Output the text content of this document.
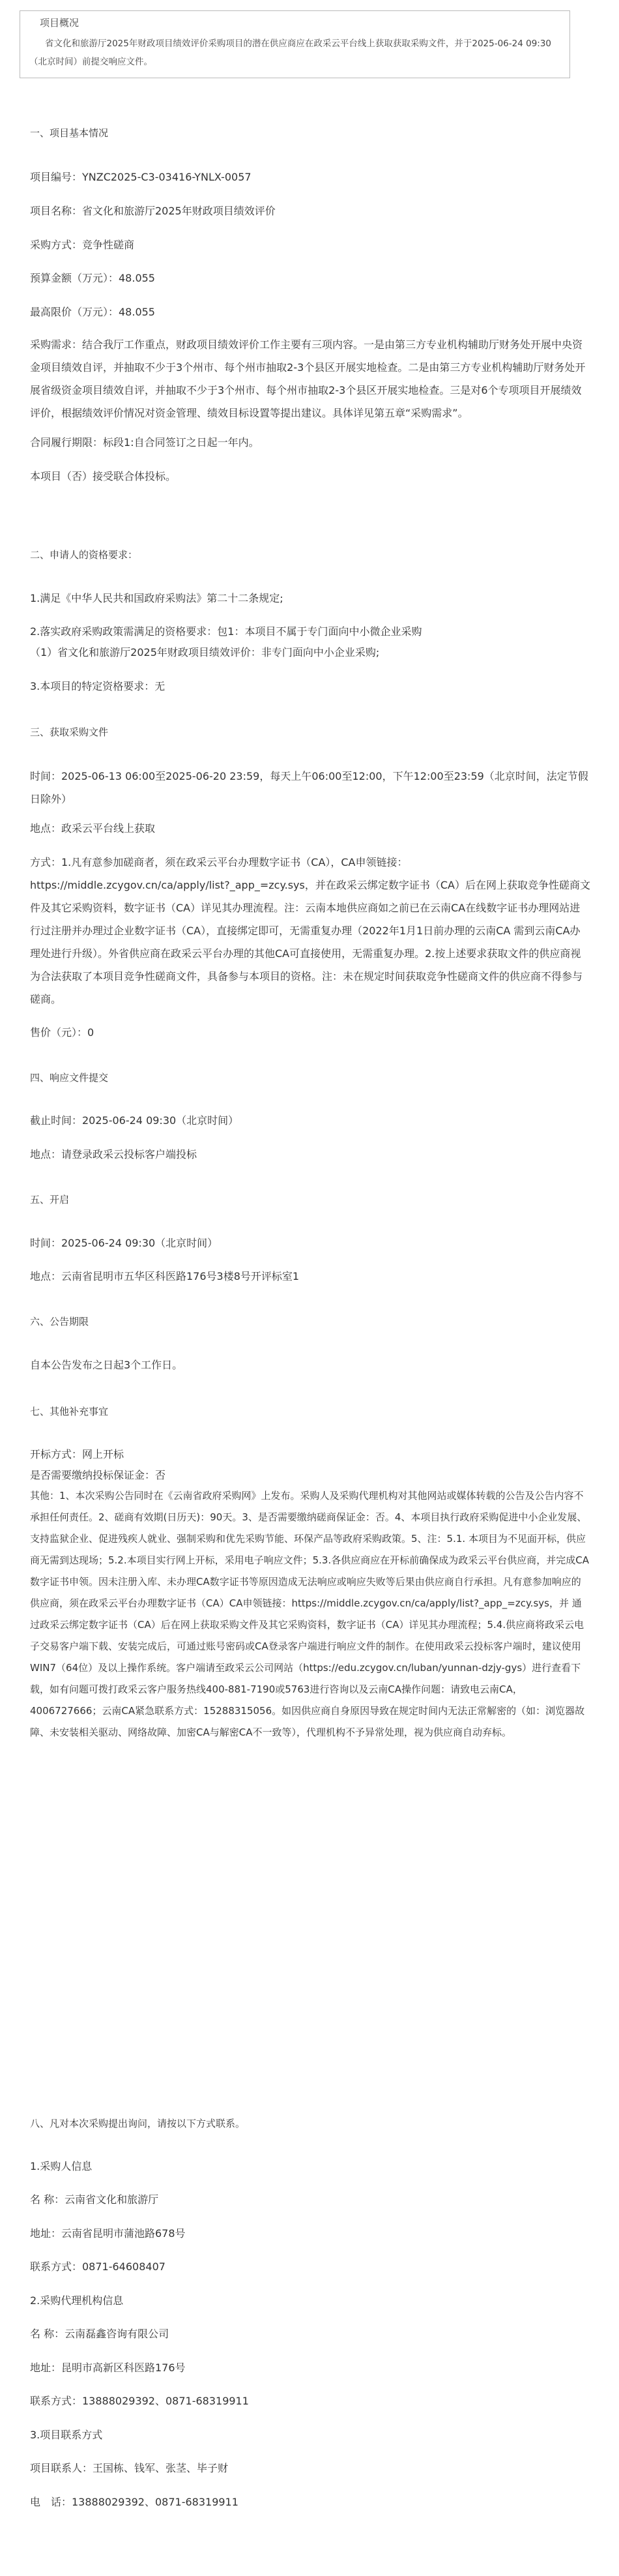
项目概况
省文化和旅游厅2025年财政项目绩效评价采购项目的潜在供应商应在政采云平台线上获取获取采购文件，并于2025-06-24 09:30（北京时间）前提交响应文件。
一、项目基本情况
项目编号：YNZC2025-C3-03416-YNLX-0057
项目名称：省文化和旅游厅2025年财政项目绩效评价
采购方式：竞争性磋商
预算金额（万元）：48.055
最高限价（万元）：48.055
采购需求：结合我厅工作重点，财政项目绩效评价工作主要有三项内容。一是由第三方专业机构辅助厅财务处开展中央资金项目绩效自评，并抽取不少于3个州市、每个州市抽取2-3个县区开展实地检查。二是由第三方专业机构辅助厅财务处开展省级资金项目绩效自评，并抽取不少于3个州市、每个州市抽取2-3个县区开展实地检查。三是对6个专项项目开展绩效评价，根据绩效评价情况对资金管理、绩效目标设置等提出建议。具体详见第五章“采购需求”。
合同履行期限：标段1:自合同签订之日起一年内。
本项目（否）接受联合体投标。
二、申请人的资格要求：
1.满足《中华人民共和国政府采购法》第二十二条规定;
2.落实政府采购政策需满足的资格要求：包1：本项目不属于专门面向中小微企业采购
（1）省文化和旅游厅2025年财政项目绩效评价：非专门面向中小企业采购;
3.本项目的特定资格要求：无
三、获取采购文件
时间：2025-06-13 06:00至2025-06-20 23:59，每天上午06:00至12:00，下午12:00至23:59（北京时间，法定节假日除外）
地点：政采云平台线上获取
方式：1.凡有意参加磋商者，须在政采云平台办理数字证书（CA），CA申领链接：https://middle.zcygov.cn/ca/apply/list?_app_=zcy.sys，并在政采云绑定数字证书（CA）后在网上获取竞争性磋商文件及其它采购资料，数字证书（CA）详见其办理流程。注：云南本地供应商如之前已在云南CA在线数字证书办理网站进行过注册并办理过企业数字证书（CA），直接绑定即可，无需重复办理（2022年1月1日前办理的云南CA 需到云南CA办理处进行升级）。外省供应商在政采云平台办理的其他CA可直接使用，无需重复办理。2.按上述要求获取文件的供应商视为合法获取了本项目竞争性磋商文件，具备参与本项目的资格。注：未在规定时间获取竞争性磋商文件的供应商不得参与磋商。
售价（元）：0
四、响应文件提交
截止时间：2025-06-24 09:30（北京时间）
地点：请登录政采云投标客户端投标
五、开启
时间：2025-06-24 09:30（北京时间）
地点：云南省昆明市五华区科医路176号3楼8号开评标室1
六、公告期限
自本公告发布之日起3个工作日。
七、其他补充事宜
开标方式：网上开标
是否需要缴纳投标保证金：否
其他：1、本次采购公告同时在《云南省政府采购网》上发布。采购人及采购代理机构对其他网站或媒体转载的公告及公告内容不承担任何责任。2、磋商有效期(日历天)：90天。3、是否需要缴纳磋商保证金：否。4、本项目执行政府采购促进中小企业发展、支持监狱企业、促进残疾人就业、强制采购和优先采购节能、环保产品等政府采购政策。5、注：5.1. 本项目为不见面开标，供应商无需到达现场；5.2.本项目实行网上开标，采用电子响应文件；5.3.各供应商应在开标前确保成为政采云平台供应商，并完成CA数字证书申领。因未注册入库、未办理CA数字证书等原因造成无法响应或响应失败等后果由供应商自行承担。凡有意参加响应的供应商，须在政采云平台办理数字证书（CA）CA申领链接：https://middle.zcygov.cn/ca/apply/list?_app_=zcy.sys，并 通过政采云绑定数字证书（CA）后在网上获取采购文件及其它采购资料，数字证书（CA）详见其办理流程；5.4.供应商将政采云电子交易客户端下载、安装完成后，可通过账号密码或CA登录客户端进行响应文件的制作。在使用政采云投标客户端时，建议使用WIN7（64位）及以上操作系统。客户端请至政采云公司网站（https://edu.zcygov.cn/luban/yunnan-dzjy-gys）进行查看下载，如有问题可拨打政采云客户服务热线400-881-7190或5763进行咨询以及云南CA操作问题：请致电云南CA，4006727666；云南CA紧急联系方式：15288315056。如因供应商自身原因导致在规定时间内无法正常解密的（如：浏览器故障、未安装相关驱动、网络故障、加密CA与解密CA不一致等），代理机构不予异常处理，视为供应商自动弃标。
八、凡对本次采购提出询问，请按以下方式联系。
1.采购人信息
名 称：云南省文化和旅游厅
地址：云南省昆明市蒲池路678号
联系方式：0871-64608407
2.采购代理机构信息
名 称：云南磊鑫咨询有限公司
地址：昆明市高新区科医路176号
联系方式：13888029392、0871-68319911
3.项目联系方式
项目联系人：王国栋、钱军、张茎、毕子财
电　话：13888029392、0871-68319911
